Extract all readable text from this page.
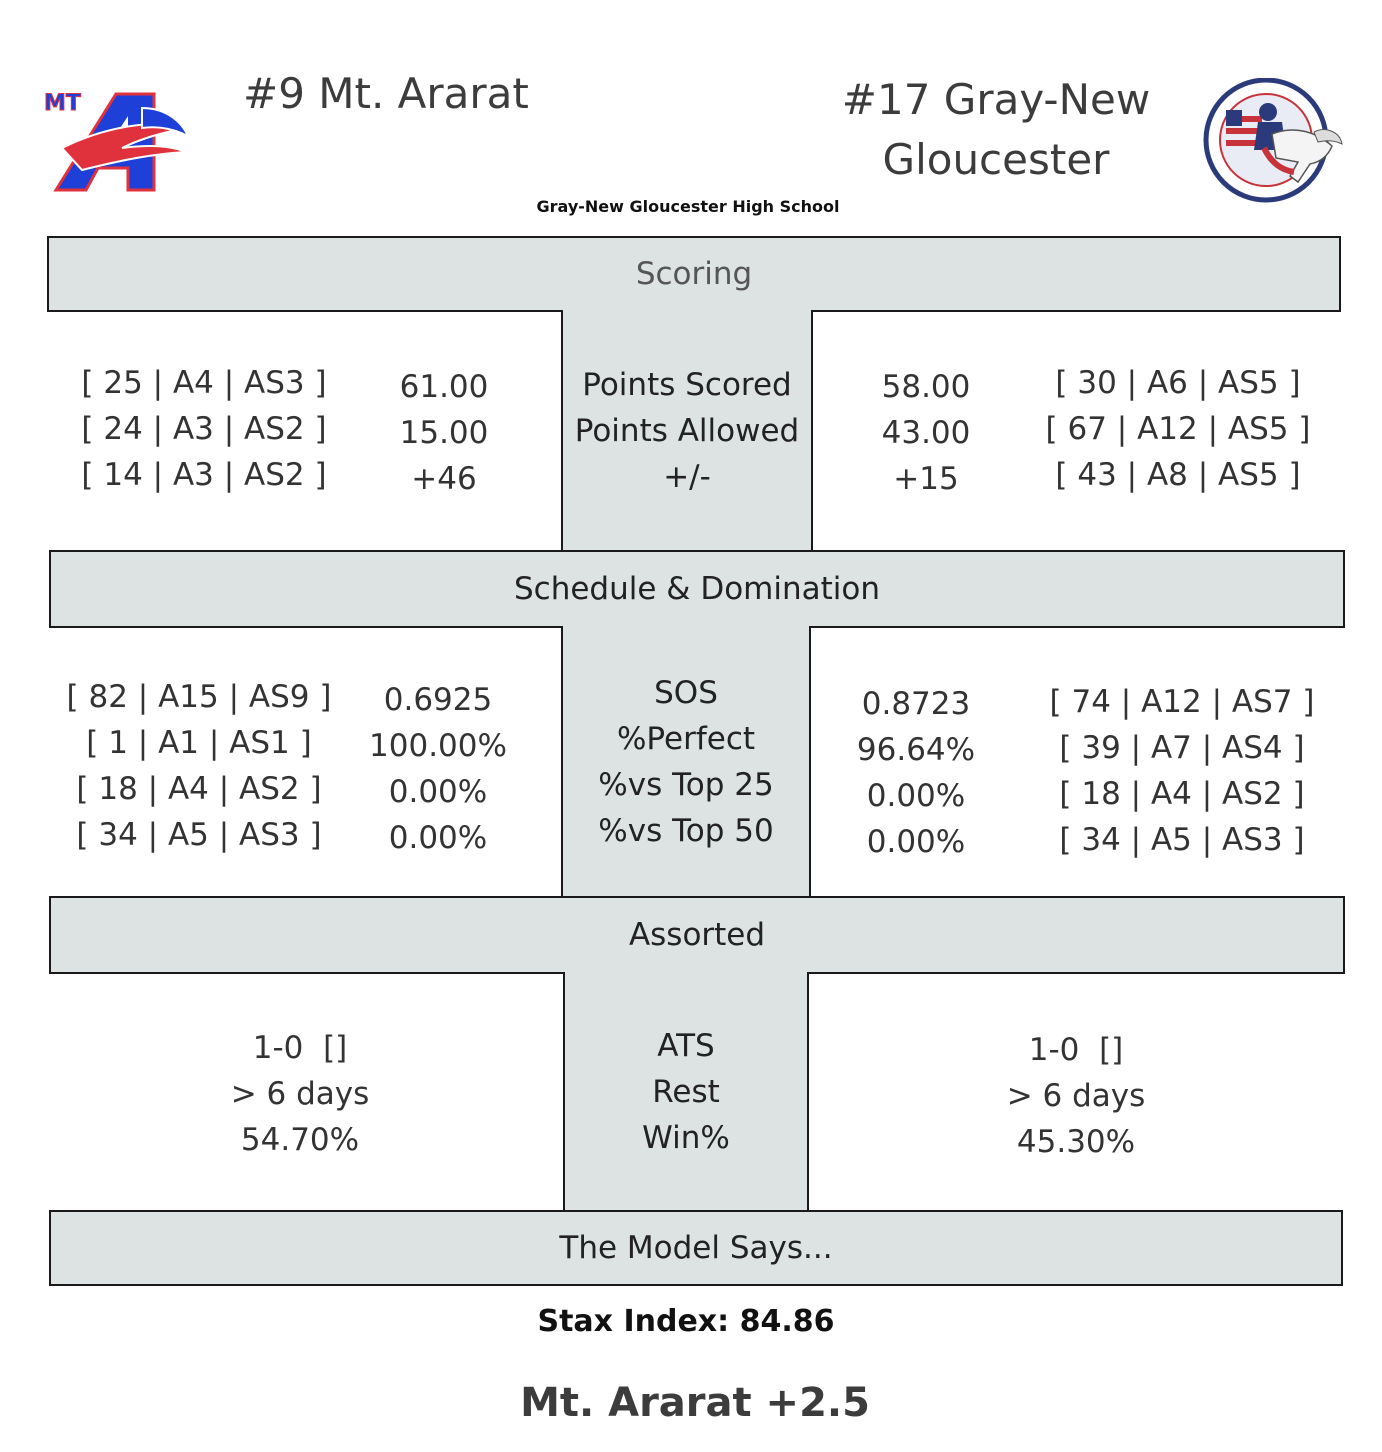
MT	#9 Mt. Ararat	#17 Gray-New
Gloucester
Gray-New Gloucester High School
Scoring
Points Scored
Points Allowed
+/-
[ 25 | A4 | AS3 ]
[ 24 | A3 | AS2 ]
[ 14 | A3 | AS2 ]
61.00
15.00
+46
58.00
43.00
+15
[ 30 | A6 | AS5 ]
[ 67 | A12 | AS5 ]
[ 43 | A8 | AS5 ]
Schedule & Domination
SOS
%Perfect
%vs Top 25
%vs Top 50
[ 82 | A15 | AS9 ]
[ 1 | A1 | AS1 ]
[ 18 | A4 | AS2 ]
[ 34 | A5 | AS3 ]
0.6925
100.00%
0.00%
0.00%
0.8723
96.64%
0.00%
0.00%
[ 74 | A12 | AS7 ]
[ 39 | A7 | AS4 ]
[ 18 | A4 | AS2 ]
[ 34 | A5 | AS3 ]
Assorted
ATS
Rest
Win%
1-0  []
> 6 days
54.70%
1-0  []
> 6 days
45.30%
The Model Says...
Stax Index: 84.86
Mt. Ararat +2.5
